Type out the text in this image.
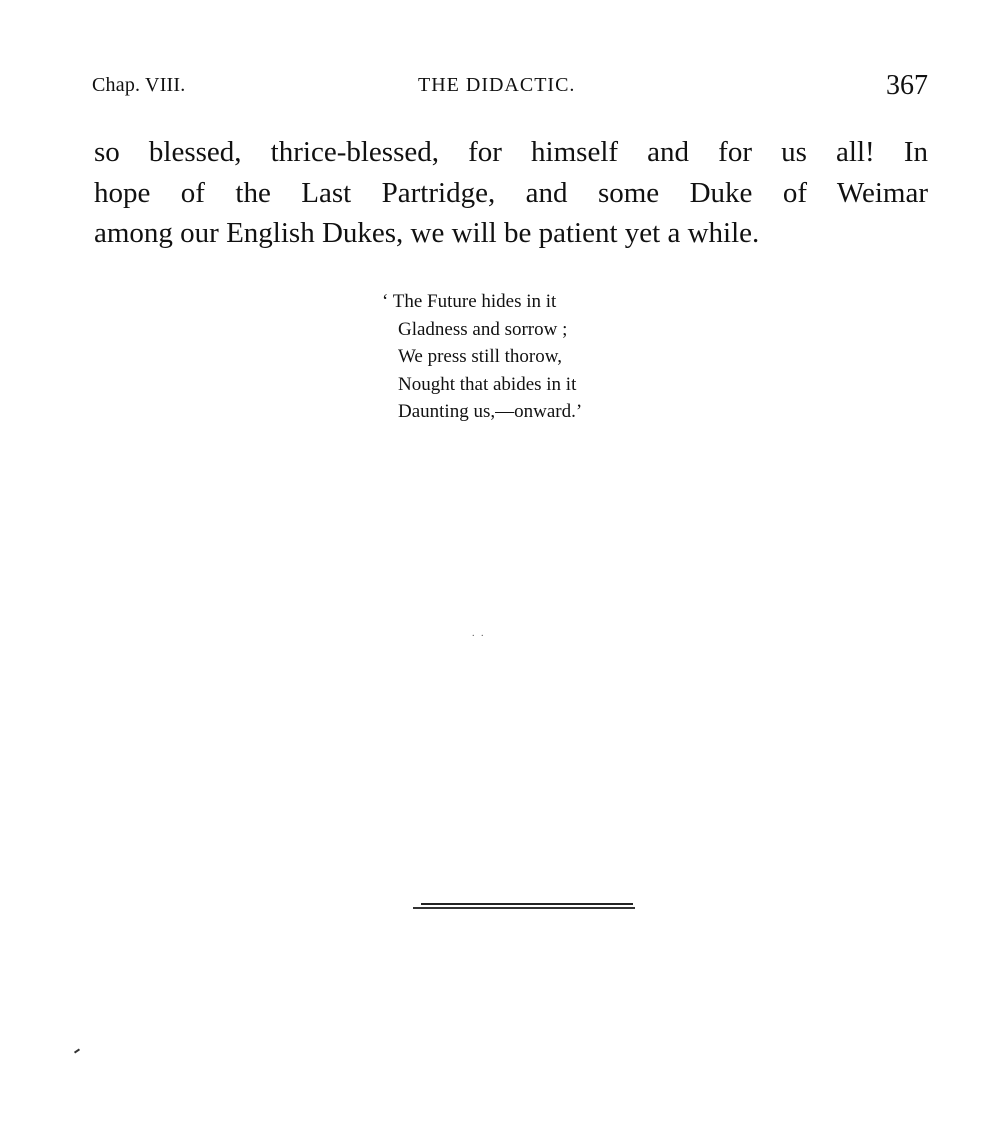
Chap. VIII.	THE DIDACTIC.	367
so blessed, thrice-blessed, for himself and for us all! In
hope of the Last Partridge, and some Duke of Weimar
among our English Dukes, we will be patient yet a while.
‘ The Future hides in it
Gladness and sorrow ;
We press still thorow,
Nought that abides in it
Daunting us,—onward.’
. .
